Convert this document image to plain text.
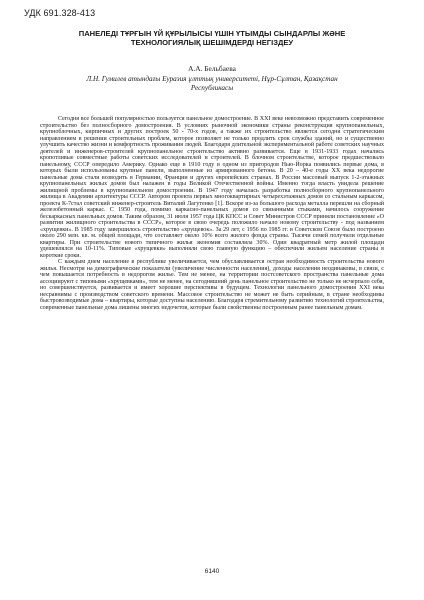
УДК 691.328-413
ПАНЕЛЕДІ ТҰРҒЫН ҮЙ ҚҰРЫЛЫСЫ ҮШІН ҮТЫМДЫ СЫНДАРЛЫ ЖӘНЕ
ТЕХНОЛОГИЯЛЫҚ ШЕШІМДЕРДІ НЕГІЗДЕУ
А.А. Бельбаева
Л.Н. Гумилев атындағы Еуразия ұлттық университеті, Нұр-Сұлтан, Қазақстан
Республикасы

Сегодня все большей популярностью пользуется панельное домостроение. В XXI веке невозможно представить современное строительство без полносборного домостроения. В условиях рыночной экономики страны реконструкция крупнопанельных, крупноблочных, кирпичных и других построек 50 - 70-х годов, а также их строительство является сегодня стратегическим направлением в решении строительных проблем, которое позволяет не только продлить срок службы зданий, но и существенно улучшить качество жизни и комфортность проживания людей. Благодаря длительной экспериментальной работе советских научных деятелей и инженеров-строителей крупнопанельное строительство активно развивается. Еще в 1931-1933 годах начались кропотливые совместные работы советских исследователей и строителей. В блочном строительстве, которое предшествовало панельному, СССР опередило Америку. Однако еще в 1910 году в одном из пригородов Нью-Йорка появились первые дома, в которых были использованы крупные панели, выполненные из армированного бетона. В 20 – 40-е годы XX века недорогие панельные дома стали возводить в Германии, Франции и других европейских странах. В России массовый выпуск 1-2-этажных крупнопанельных жилых домов был налажен в годы Великой Отечественной войны. Именно тогда власть увидела решение жилищной проблемы в крупнопанельном домостроении. В 1947 году началась разработка полносборного крупнопанельного жилища в Академии архитектуры СССР. Автором проекта первых многоквартирных четырехэтажных домов со стальным каркасом, проекта К-7стал советский инженер-строитель Виталий Лагутенко [1]. Вскоре из-за большого расхода металла перешли на сборный железобетонный каркас. С 1950 года, помимо каркасно-панельных домов со связанными стыками, начилось сооружение бескаркасных панельных домов. Таким образом, 31 июля 1957 года ЦК КПСС и Совет Министров СССР приняли постановление «О развитии жилищного строительства в СССР», которое в свою очередь положило начало новому строительству - под названием «хрущевки». В 1985 году завершилось строительство «хрущевок». За 29 лет, с 1956 по 1985 гг. в Советском Союзе было построено около 290 млн. кв. м. общей площади, что составляет около 10% всего жилого фонда страны. Тысячи семей получили отдельные квартиры. При строительстве нового типичного жилья экономия составляла 30%. Один квадратный метр жилой площади удешевлялся на 10-11%. Типовые «хрущевки» выполняли свою главную функцию – обеспечили жильем население страны в короткие сроки.

С каждым днем население в республике увеличивается, чем обуславливается острая необходимость строительства нового жилья. Несмотря на демографические показатели (увеличение численности населения), доходы населения неодинаковы, в связи, с чем повышается потребность в недорогом жилье. Тем не менее, на территории постсоветского пространства панельные дома ассоциируют с типовыми «хрущевками», тем не менее, на сегодняшний день панельное строительство не только не исчерпало себя, но совершенствуется, развивается и имеет хорошие перспективы в будущем. Технологии панельного домостроения XXI века несравнимы с производством советского времени. Массовое строительство не может не быть серийным, в стране необходимы быстровозводимые дома – квартиры, которые доступны населению. Благодаря стремительному развитию технологий строительства, современные панельные дома лишены многих недочетов, которые были свойственны построенным ранее панельным домам.

6140
